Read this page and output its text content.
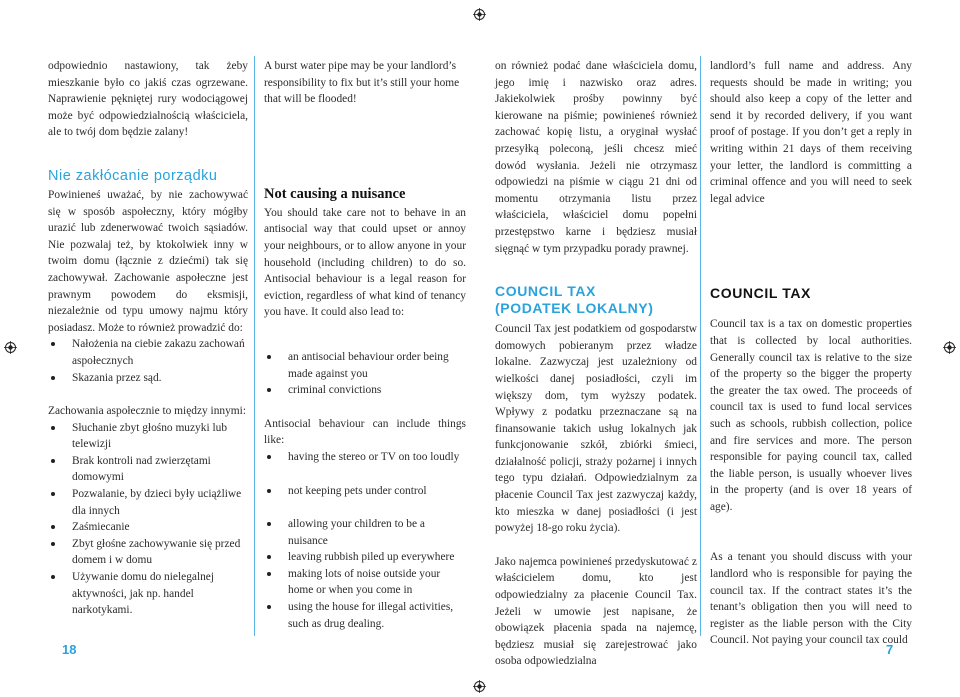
odpowiednio nastawiony, tak żeby mieszkanie było co jakiś czas ogrzewane. Naprawienie pękniętej rury wodociągowej może być odpowiedzialnością właściciela, ale to twój dom będzie zalany!

Nie zakłócanie porządku

Powinieneś uważać, by nie zachowywać się w sposób aspołeczny, który mógłby urazić lub zdenerwować twoich sąsiadów. Nie pozwalaj też, by ktokolwiek inny w twoim domu (łącznie z dziećmi) tak się zachowywał. Zachowanie aspołeczne jest prawnym powodem do eksmisji, niezależnie od typu umowy najmu który posiadasz. Może to również prowadzić do:

Nałożenia na ciebie zakazu zachowań aspołecznych
Skazania przez sąd.

Zachowania aspołecznie to między innymi:

Słuchanie zbyt głośno muzyki lub telewizji
Brak kontroli nad zwierzętami domowymi
Pozwalanie, by dzieci były uciążliwe dla innych
Zaśmiecanie
Zbyt głośne zachowywanie się przed domem i w domu
Używanie domu do nielegalnej aktywności, jak np. handel narkotykami.

A burst water pipe may be your landlord’s responsibility to fix but it’s still your home that will be flooded!

Not causing a nuisance

You should take care not to behave in an antisocial way that could upset or annoy your neighbours, or to allow anyone in your household (including children) to do so. Antisocial behaviour is a legal reason for eviction, regardless of what kind of tenancy you have. It could also lead to:

an antisocial behaviour order being made against you
criminal convictions

Antisocial behaviour can include things like:

having the stereo or TV on too loudly
not keeping pets under control
allowing your children to be a nuisance
leaving rubbish piled up everywhere
making lots of noise outside your home or when you come in
using the house for illegal activities, such as drug dealing.

on również podać dane właściciela domu, jego imię i nazwisko oraz adres. Jakiekolwiek prośby powinny być kierowane na piśmie; powinieneś również zachować kopię listu, a oryginał wysłać przesyłką poleconą, jeśli chcesz mieć dowód wysłania. Jeżeli nie otrzymasz odpowiedzi na piśmie w ciągu 21 dni od momentu otrzymania listu przez właściciela, właściciel domu popełni przestępstwo karne i będziesz musiał sięgnąć w tym przypadku porady prawnej.

COUNCIL TAX
(PODATEK LOKALNY)

Council Tax jest podatkiem od gospodarstw domowych pobieranym przez władze lokalne. Zazwyczaj jest uzależniony od wielkości danej posiadłości, czyli im większy dom, tym wyższy podatek. Wpływy z podatku przeznaczane są na finansowanie takich usług lokalnych jak funkcjonowanie szkół, zbiórki śmieci, działalność policji, straży pożarnej i innych tego typu działań. Odpowiedzialnym za płacenie Council Tax jest zazwyczaj każdy, kto mieszka w danej posiadłości (i jest powyżej 18-go roku życia).

Jako najemca powinieneś przedyskutować z właścicielem domu, kto jest odpowiedzialny za płacenie Council Tax. Jeżeli w umowie jest napisane, że obowiązek płacenia spada na najemcę, będziesz musiał się zarejestrować jako osoba odpowiedzialna

landlord’s full name and address. Any requests should be made in writing; you should also keep a copy of the letter and send it by recorded delivery, if you want proof of postage. If you don’t get a reply in writing within 21 days of them receiving your letter, the landlord is committing a criminal offence and you will need to seek legal advice

COUNCIL TAX

Council tax is a tax on domestic properties that is collected by local authorities. Generally council tax is relative to the size of the property so the bigger the property the greater the tax owed. The proceeds of council tax is used to fund local services such as schools, rubbish collection, police and fire services and more. The person responsible for paying council tax, called the liable person, is usually whoever lives in the property (and is over 18 years of age).

As a tenant you should discuss with your landlord who is responsible for paying the council tax. If the contract states it’s the tenant’s obligation then you will need to register as the liable person with the City Council. Not paying your council tax could

18	7
